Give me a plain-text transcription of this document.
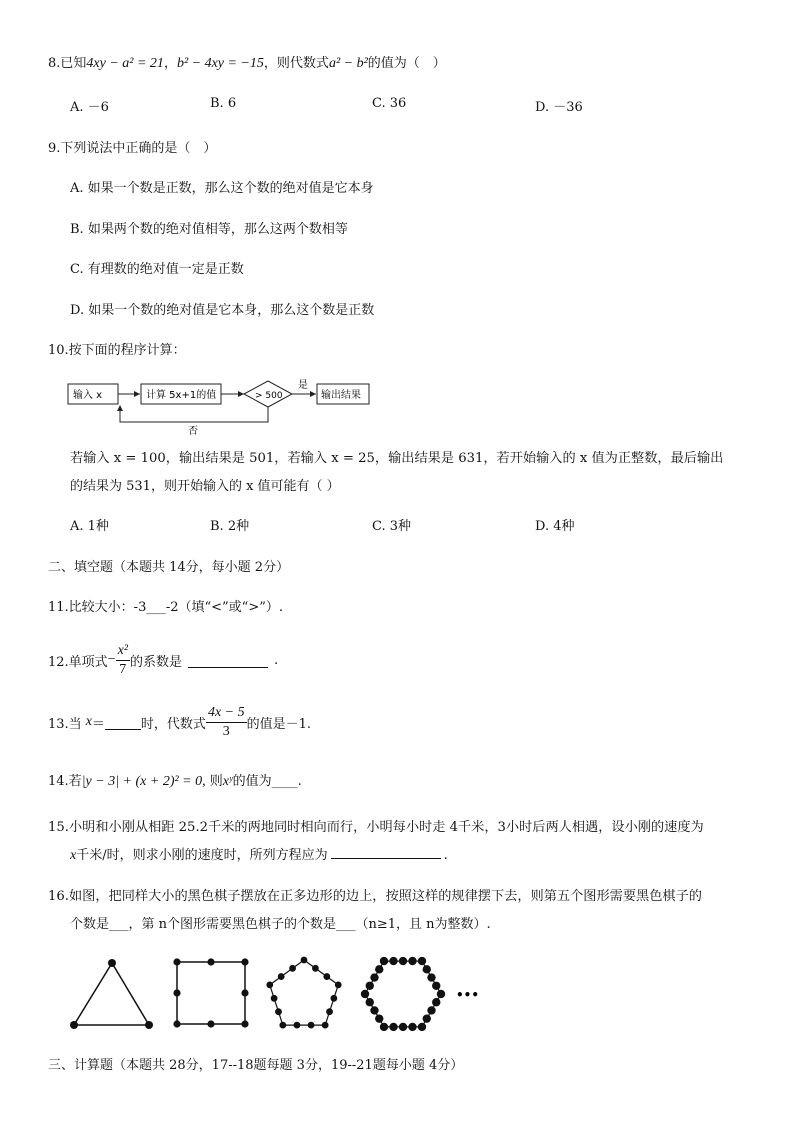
8.已知4xy − a² = 21，b² − 4xy = −15，则代数式a² − b²的值为（　）
A. －6	B. 6	C. 36	D. －36
9.下列说法中正确的是（　）
A. 如果一个数是正数，那么这个数的绝对值是它本身
B. 如果两个数的绝对值相等，那么这两个数相等
C. 有理数的绝对值一定是正数
D. 如果一个数的绝对值是它本身，那么这个数是正数
10.按下面的程序计算：
输入 x	计算 5x+1的值	> 500
是
输出结果
否
若输入 x = 100，输出结果是 501，若输入 x = 25，输出结果是 631，若开始输入的 x 值为正整数，最后输出
的结果为 531，则开始输入的 x 值可能有（ ）
A. 1种	B. 2种	C. 3种	D. 4种
二、填空题（本题共 14分，每小题 2分）
11.比较大小：-3___-2（填“<”或“>”）.
12.单项式 − $\frac{\text{x²}}{7}$ 的系数是	.
13.当 x ＝	时，代数式 $\frac{4x - 5}{3}$ 的值是－1.
14.若|y − 3| + (x + 2)² = 0, 则xʸ的值为____.
15.小明和小刚从相距 25.2千米的两地同时相向而行，小明每小时走 4千米，3小时后两人相遇，设小刚的速度为
x千米/时，则求小刚的速度时，所列方程应为	.
16.如图，把同样大小的黑色棋子摆放在正多边形的边上，按照这样的规律摆下去，则第五个图形需要黑色棋子的
个数是___，第 n个图形需要黑色棋子的个数是___（n≥1，且 n为整数）.
•••
三、计算题（本题共 28分，17--18题每题 3分，19--21题每小题 4分）
